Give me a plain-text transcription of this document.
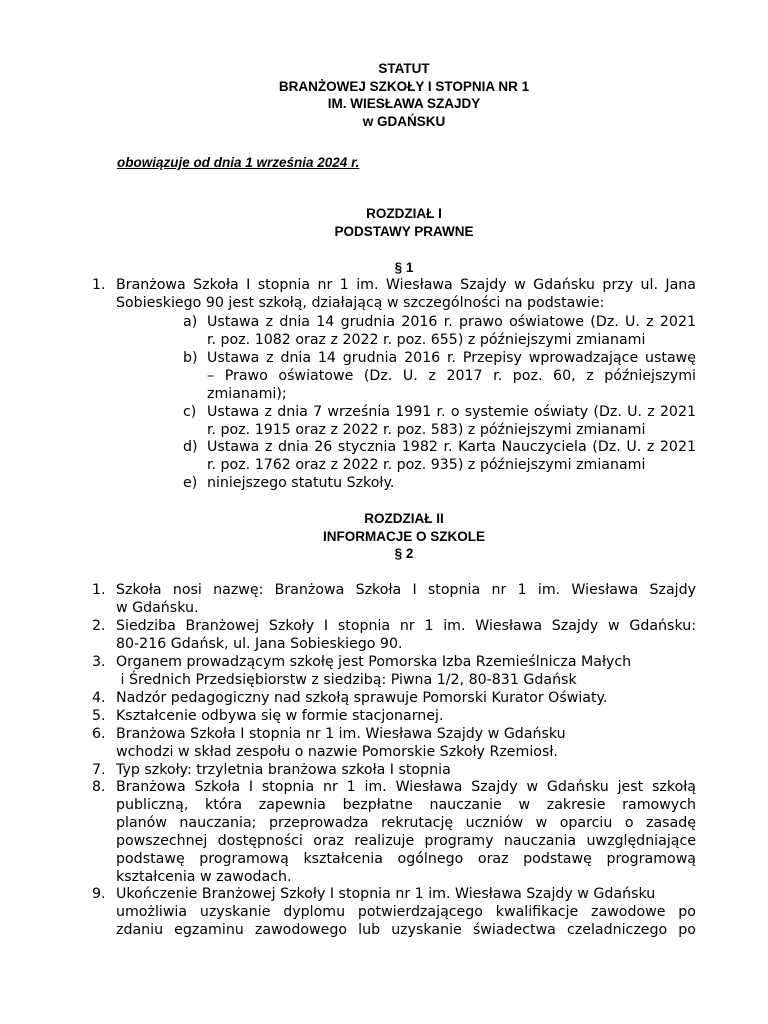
STATUT
BRANŻOWEJ SZKOŁY I STOPNIA NR 1
IM. WIESŁAWA SZAJDY
w GDAŃSKU
obowiązuje od dnia 1 września 2024 r.
ROZDZIAŁ I
PODSTAWY PRAWNE
§ 1
1. Branżowa Szkoła I stopnia nr 1 im. Wiesława Szajdy w Gdańsku przy ul. Jana
Sobieskiego 90 jest szkołą, działającą w szczególności na podstawie:
a) Ustawa z dnia 14 grudnia 2016 r. prawo oświatowe (Dz. U. z 2021
r. poz. 1082 oraz z 2022 r. poz. 655) z późniejszymi zmianami
b) Ustawa z dnia 14 grudnia 2016 r. Przepisy wprowadzające ustawę
– Prawo oświatowe (Dz. U. z 2017 r. poz. 60, z późniejszymi
zmianami);
c) Ustawa z dnia 7 września 1991 r. o systemie oświaty (Dz. U. z 2021
r. poz. 1915 oraz z 2022 r. poz. 583) z późniejszymi zmianami
d) Ustawa z dnia 26 stycznia 1982 r. Karta Nauczyciela (Dz. U. z 2021
r. poz. 1762 oraz z 2022 r. poz. 935) z późniejszymi zmianami
e) niniejszego statutu Szkoły.
ROZDZIAŁ II
INFORMACJE O SZKOLE
§ 2
1. Szkoła nosi nazwę: Branżowa Szkoła I stopnia nr 1 im. Wiesława Szajdy
w Gdańsku.
2. Siedziba Branżowej Szkoły I stopnia nr 1 im. Wiesława Szajdy w Gdańsku:
80-216 Gdańsk, ul. Jana Sobieskiego 90.
3. Organem prowadzącym szkołę jest Pomorska Izba Rzemieślnicza Małych
i Średnich Przedsiębiorstw z siedzibą: Piwna 1/2, 80-831 Gdańsk
4. Nadzór pedagogiczny nad szkołą sprawuje Pomorski Kurator Oświaty.
5. Kształcenie odbywa się w formie stacjonarnej.
6. Branżowa Szkoła I stopnia nr 1 im. Wiesława Szajdy w Gdańsku
wchodzi w skład zespołu o nazwie Pomorskie Szkoły Rzemiosł.
7. Typ szkoły: trzyletnia branżowa szkoła I stopnia
8. Branżowa Szkoła I stopnia nr 1 im. Wiesława Szajdy w Gdańsku jest szkołą
publiczną, która zapewnia bezpłatne nauczanie w zakresie ramowych
planów nauczania; przeprowadza rekrutację uczniów w oparciu o zasadę
powszechnej dostępności oraz realizuje programy nauczania uwzględniające
podstawę programową kształcenia ogólnego oraz podstawę programową
kształcenia w zawodach.
9. Ukończenie Branżowej Szkoły I stopnia nr 1 im. Wiesława Szajdy w Gdańsku
umożliwia uzyskanie dyplomu potwierdzającego kwalifikacje zawodowe po
zdaniu egzaminu zawodowego lub uzyskanie świadectwa czeladniczego po
